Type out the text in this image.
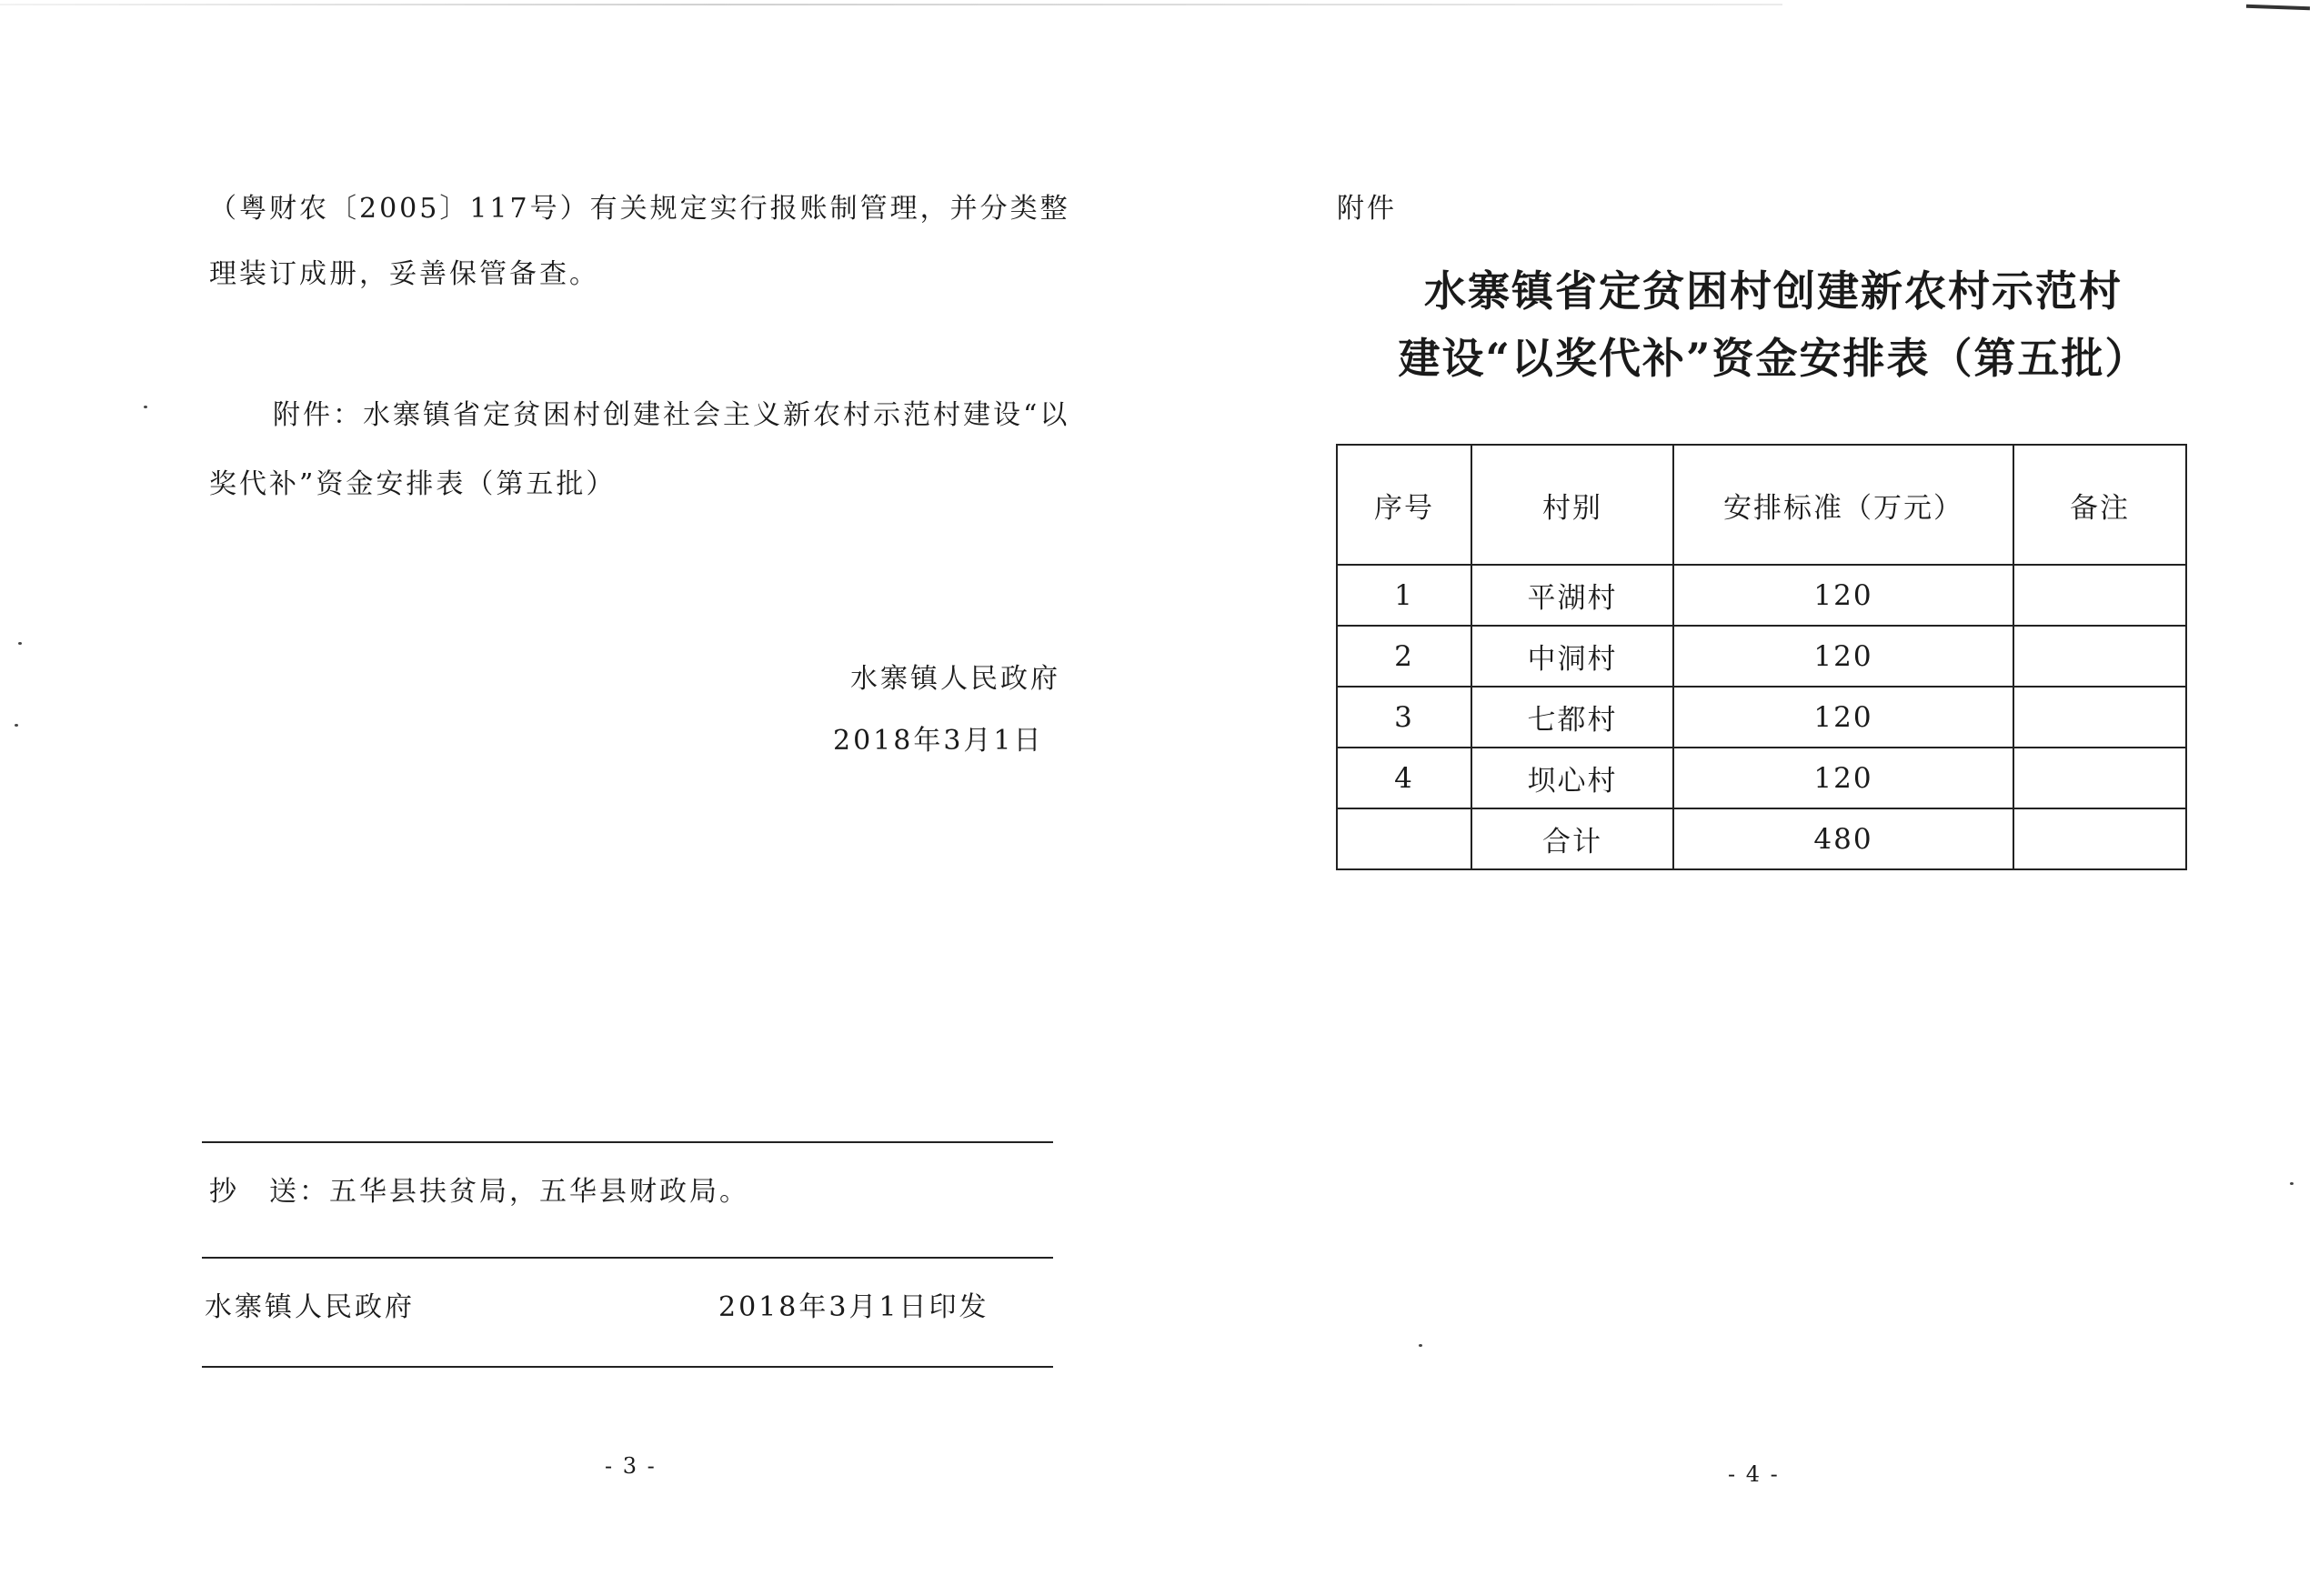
（粤财农〔2005〕117号）有关规定实行报账制管理，并分类整
理装订成册，妥善保管备查。
附件：水寨镇省定贫困村创建社会主义新农村示范村建设“以
奖代补”资金安排表（第五批）
水寨镇人民政府
2018年3月1日
抄　送：五华县扶贫局，五华县财政局。
水寨镇人民政府	2018年3月1日印发
- 3 -
附件
水寨镇省定贫困村创建新农村示范村
建设“以奖代补”资金安排表（第五批）
序号	村别	安排标准（万元）	备注
1	平湖村	120	
2	中洞村	120	
3	七都村	120	
4	坝心村	120	
	合计	480	
- 4 -
